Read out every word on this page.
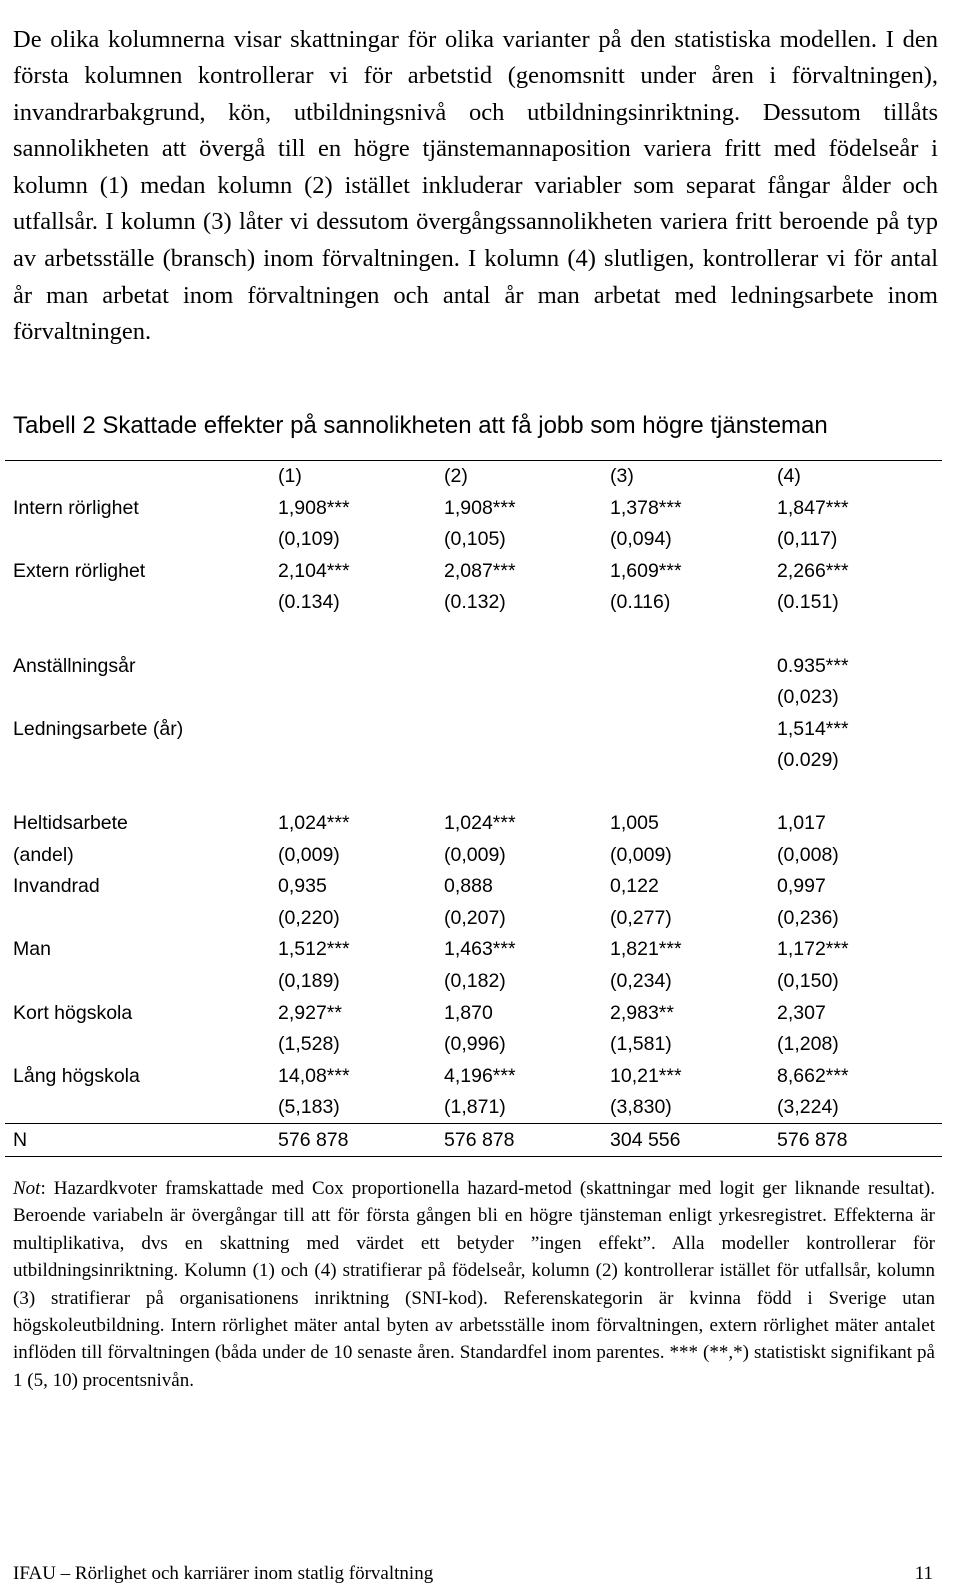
De olika kolumnerna visar skattningar för olika varianter på den statistiska modellen. I den första kolumnen kontrollerar vi för arbetstid (genomsnitt under åren i förvaltningen), invandrarbakgrund, kön, utbildningsnivå och utbildningsinriktning. Dessutom tillåts sannolikheten att övergå till en högre tjänstemannaposition variera fritt med födelseår i kolumn (1) medan kolumn (2) istället inkluderar variabler som separat fångar ålder och utfallsår. I kolumn (3) låter vi dessutom övergångssannolikheten variera fritt beroende på typ av arbetsställe (bransch) inom förvaltningen. I kolumn (4) slutligen, kontrollerar vi för antal år man arbetat inom förvaltningen och antal år man arbetat med ledningsarbete inom förvaltningen.

Tabell 2 Skattade effekter på sannolikheten att få jobb som högre tjänsteman
	(1)	(2)	(3)	(4)
Intern rörlighet	1,908***	1,908***	1,378***	1,847***
	(0,109)	(0,105)	(0,094)	(0,117)
Extern rörlighet	2,104***	2,087***	1,609***	2,266***
	(0.134)	(0.132)	(0.116)	(0.151)

Anställningsår				0.935***
				(0,023)
Ledningsarbete (år)				1,514***
				(0.029)

Heltidsarbete	1,024***	1,024***	1,005	1,017
(andel)	(0,009)	(0,009)	(0,009)	(0,008)
Invandrad	0,935	0,888	0,122	0,997
	(0,220)	(0,207)	(0,277)	(0,236)
Man	1,512***	1,463***	1,821***	1,172***
	(0,189)	(0,182)	(0,234)	(0,150)
Kort högskola	2,927**	1,870	2,983**	2,307
	(1,528)	(0,996)	(1,581)	(1,208)
Lång högskola	14,08***	4,196***	10,21***	8,662***
	(5,183)	(1,871)	(3,830)	(3,224)
N	576 878	576 878	304 556	576 878

Not: Hazardkvoter framskattade med Cox proportionella hazard-metod (skattningar med logit ger liknande resultat). Beroende variabeln är övergångar till att för första gången bli en högre tjänsteman enligt yrkesregistret. Effekterna är multiplikativa, dvs en skattning med värdet ett betyder ”ingen effekt”. Alla modeller kontrollerar för utbildningsinriktning. Kolumn (1) och (4) stratifierar på födelseår, kolumn (2) kontrollerar istället för utfallsår, kolumn (3) stratifierar på organisationens inriktning (SNI-kod). Referenskategorin är kvinna född i Sverige utan högskoleutbildning. Intern rörlighet mäter antal byten av arbetsställe inom förvaltningen, extern rörlighet mäter antalet inflöden till förvaltningen (båda under de 10 senaste åren. Standardfel inom parentes. *** (**,*) statistiskt signifikant på 1 (5, 10) procentsnivån.

IFAU – Rörlighet och karriärer inom statlig förvaltning	11
